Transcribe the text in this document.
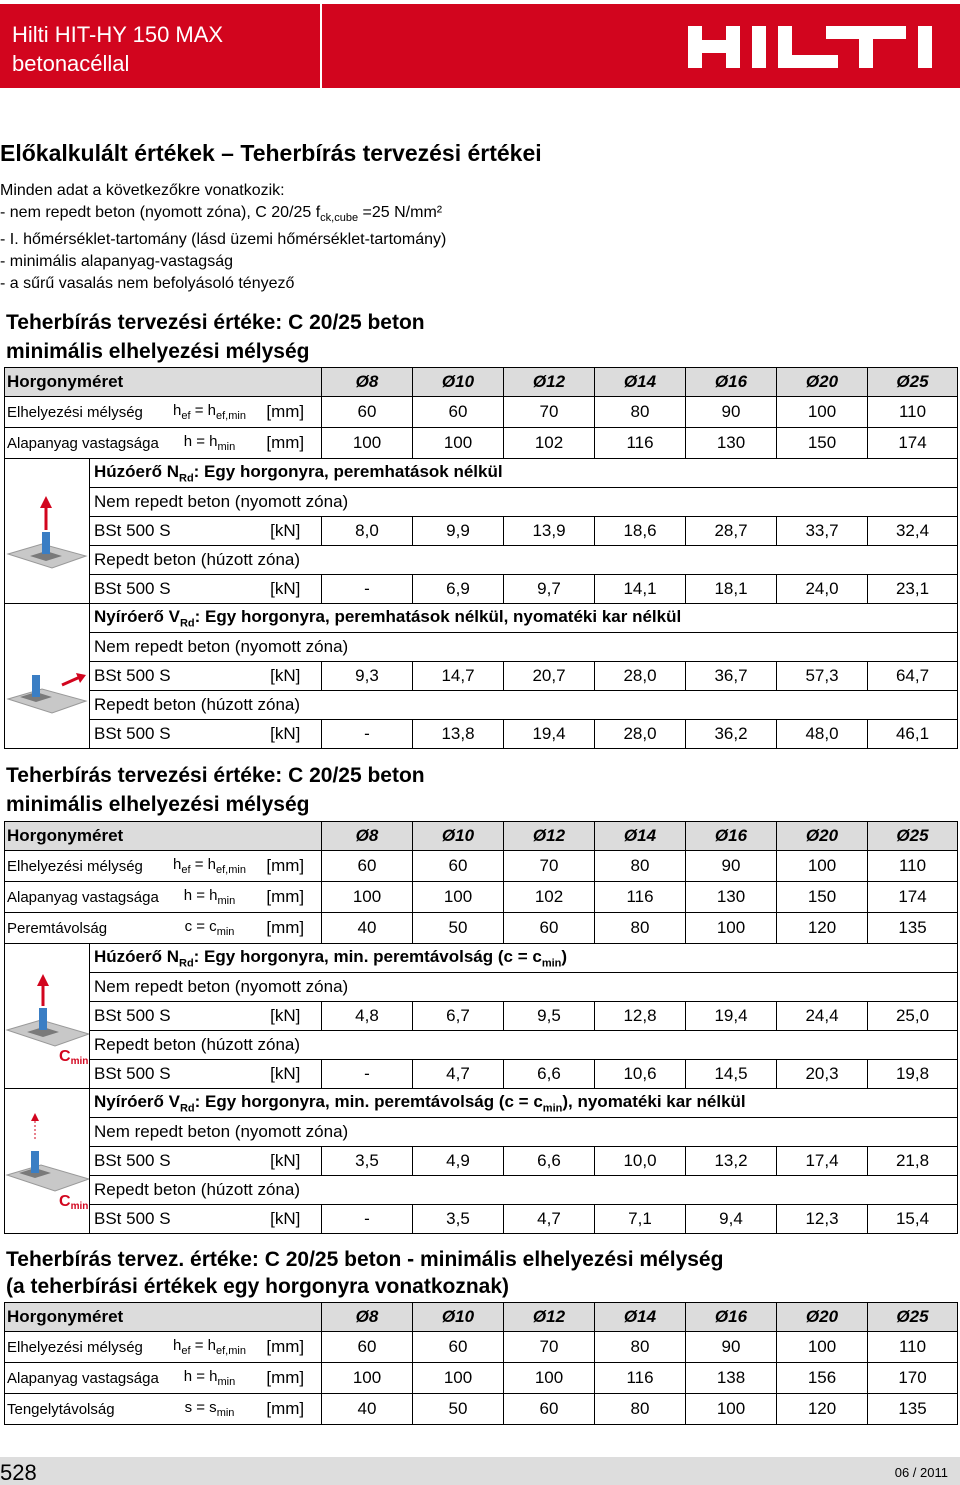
Hilti HIT-HY 150 MAX
betonacéllal
Előkalkulált értékek – Teherbírás tervezési értékei
Minden adat a következőkre vonatkozik:
- nem repedt beton (nyomott zóna), C 20/25 $f_{ck,cube} =25$ N/mm²
- I. hőmérséklet-tartomány (lásd üzemi hőmérséklet-tartomány)
- minimális alapanyag-vastagság
- a sűrű vasalás nem befolyásoló tényező
Teherbírás tervezési értéke: C 20/25 beton
minimális elhelyezési mélység
Horgonyméret				Ø8	Ø10	Ø12	Ø14	Ø16	Ø20	Ø25
Elhelyezési mélység		$h_{ef} = h_{ef,min}$	[mm]	60	60	70	80	90	100	110
Alapanyag vastagsága		$h = h_{min}$	[mm]	100	100	102	116	130	150	174
	Húzóerő $N_{Rd}$: Egy horgonyra, peremhatások nélkül									
	Nem repedt beton (nyomott zóna)									
	BSt 500 S		[kN]	8,0	9,9	13,9	18,6	28,7	33,7	32,4
	Repedt beton (húzott zóna)									
	BSt 500 S		[kN]	-	6,9	9,7	14,1	18,1	24,0	23,1
	Nyíróerő $V_{Rd}$: Egy horgonyra, peremhatások nélkül, nyomatéki kar nélkül									
	Nem repedt beton (nyomott zóna)									
	BSt 500 S		[kN]	9,3	14,7	20,7	28,0	36,7	57,3	64,7
	Repedt beton (húzott zóna)									
	BSt 500 S		[kN]	-	13,8	19,4	28,0	36,2	48,0	46,1
Teherbírás tervezési értéke: C 20/25 beton
minimális elhelyezési mélység
Horgonyméret				Ø8	Ø10	Ø12	Ø14	Ø16	Ø20	Ø25
Elhelyezési mélység		$h_{ef} = h_{ef,min}$	[mm]	60	60	70	80	90	100	110
Alapanyag vastagsága		$h = h_{min}$	[mm]	100	100	102	116	130	150	174
Peremtávolság		$c = c_{min}$	[mm]	40	50	60	80	100	120	135

Cmin	Húzóerő $N_{Rd}$: Egy horgonyra, min. peremtávolság $(c = c_{min})$									
	Nem repedt beton (nyomott zóna)									
	BSt 500 S		[kN]	4,8	6,7	9,5	12,8	19,4	24,4	25,0
	Repedt beton (húzott zóna)									
	BSt 500 S		[kN]	-	4,7	6,6	10,6	14,5	20,3	19,8

Cmin	Nyíróerő $V_{Rd}$: Egy horgonyra, min. peremtávolság $(c = c_{min})$, nyomatéki kar nélkül									
	Nem repedt beton (nyomott zóna)									
	BSt 500 S		[kN]	3,5	4,9	6,6	10,0	13,2	17,4	21,8
	Repedt beton (húzott zóna)									
	BSt 500 S		[kN]	-	3,5	4,7	7,1	9,4	12,3	15,4
Teherbírás tervez. értéke: C 20/25 beton - minimális elhelyezési mélység
(a teherbírási értékek egy horgonyra vonatkoznak)
Horgonyméret			Ø8	Ø10	Ø12	Ø14	Ø16	Ø20	Ø25
Elhelyezési mélység	$h_{ef} = h_{ef,min}$	[mm]	60	60	70	80	90	100	110
Alapanyag vastagsága	$h = h_{min}$	[mm]	100	100	100	116	138	156	170
Tengelytávolság	$s = s_{min}$	[mm]	40	50	60	80	100	120	135
528	06 / 2011
